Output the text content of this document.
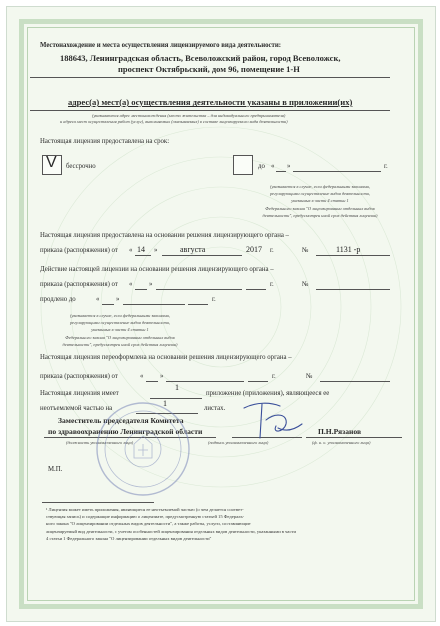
Местонахождение и места осуществления лицензируемого вида деятельности:
188643, Ленинградская область, Всеволожский район, город Всеволожск,
проспект Октябрьский, дом 96, помещение 1-Н
адрес(а) мест(а) осуществления деятельности указаны в приложении(их)
(указываются адрес местонахождения (место жительства – для индивидуального предпринимателя)
и адреса мест осуществления работ (услуг), выполняемых (оказываемых) в составе лицензируемого вида деятельности)
Настоящая лицензия предоставлена на срок:
V бессрочно	до « »	г.
(указывается в случае, если федеральными законами,
регулирующими осуществление видов деятельности,
указанных в части 4 статьи 1
Федерального закона "О лицензировании отдельных видов
деятельности", предусмотрен иной срок действия лицензии)
Настоящая лицензия предоставлена на основании решения лицензирующего органа –
приказа (распоряжения) от « 14 »	августа	2017 г.	№	1131 -р
Действие настоящей лицензии на основании решения лицензирующего органа –
приказа (распоряжения) от « »	г.	№
продлено до	« »	г.
(указывается в случае, если федеральными законами,
регулирующими осуществление видов деятельности,
указанных в части 4 статьи 1
Федерального закона "О лицензировании отдельных видов
деятельности", предусмотрен иной срок действия лицензии)
Настоящая лицензия переоформлена на основании решения лицензирующего органа –
приказа (распоряжения) от	« »	г.	№
Настоящая лицензия имеет
1
приложение (приложения), являющееся ее
неотъемлемой частью на
1
листах.
Заместитель председателя Комитета
по здравоохранению Ленинградской области	П.Н.Рязанов
(должность уполномоченного лица)	(подпись уполномоченного лица)	(ф. и. о. уполномоченного лица)
М.П.
¹ Лицензия может иметь приложения, являющиеся ее неотъемлемой частью (о чем делается соответ-
ствующая запись) и содержащие информацию о лицензиате, предусмотренную статьей 15 Федераль-
ного закона "О лицензировании отдельных видов деятельности", а также работы, услуги, составляющие
лицензируемый вид деятельности, с учетом особенностей лицензирования отдельных видов деятельности, указанными в части
4 статьи 1 Федерального закона "О лицензировании отдельных видов деятельности"
